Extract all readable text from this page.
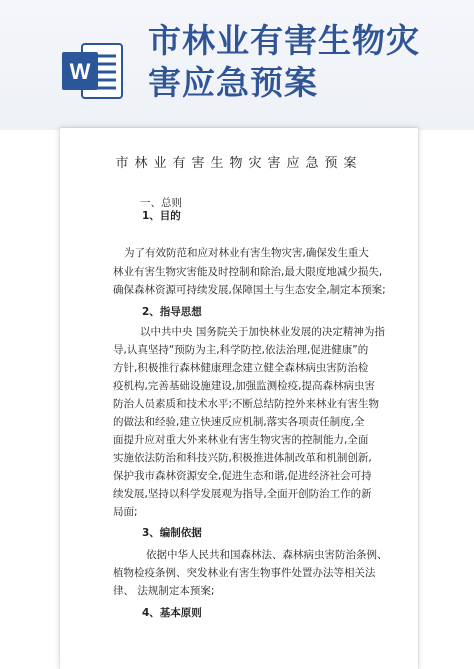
W
市林业有害生物灾
害应急预案
市林业有害生物灾害应急预案
一、总则
1、目的
为了有效防范和应对林业有害生物灾害,确保发生重大
林业有害生物灾害能及时控制和除治,最大限度地减少损失,
确保森林资源可持续发展,保障国土与生态安全,制定本预案;
2、指导思想
以中共中央 国务院关于加快林业发展的决定精神为指
导,认真坚持“预防为主,科学防控,依法治理,促进健康”的
方针,积极推行森林健康理念建立健全森林病虫害防治检
疫机构,完善基础设施建设,加强监测检疫,提高森林病虫害
防治人员素质和技术水平;不断总结防控外来林业有害生物
的做法和经验,建立快速反应机制,落实各项责任制度,全
面提升应对重大外来林业有害生物灾害的控制能力,全面
实施依法防治和科技兴防,积极推进体制改革和机制创新,
保护我市森林资源安全,促进生态和谐,促进经济社会可持
续发展,坚持以科学发展观为指导,全面开创防治工作的新
局面;
3、编制依据
依据中华人民共和国森林法、森林病虫害防治条例、
植物检疫条例、突发林业有害生物事件处置办法等相关法
律、 法规制定本预案;
4、基本原则
